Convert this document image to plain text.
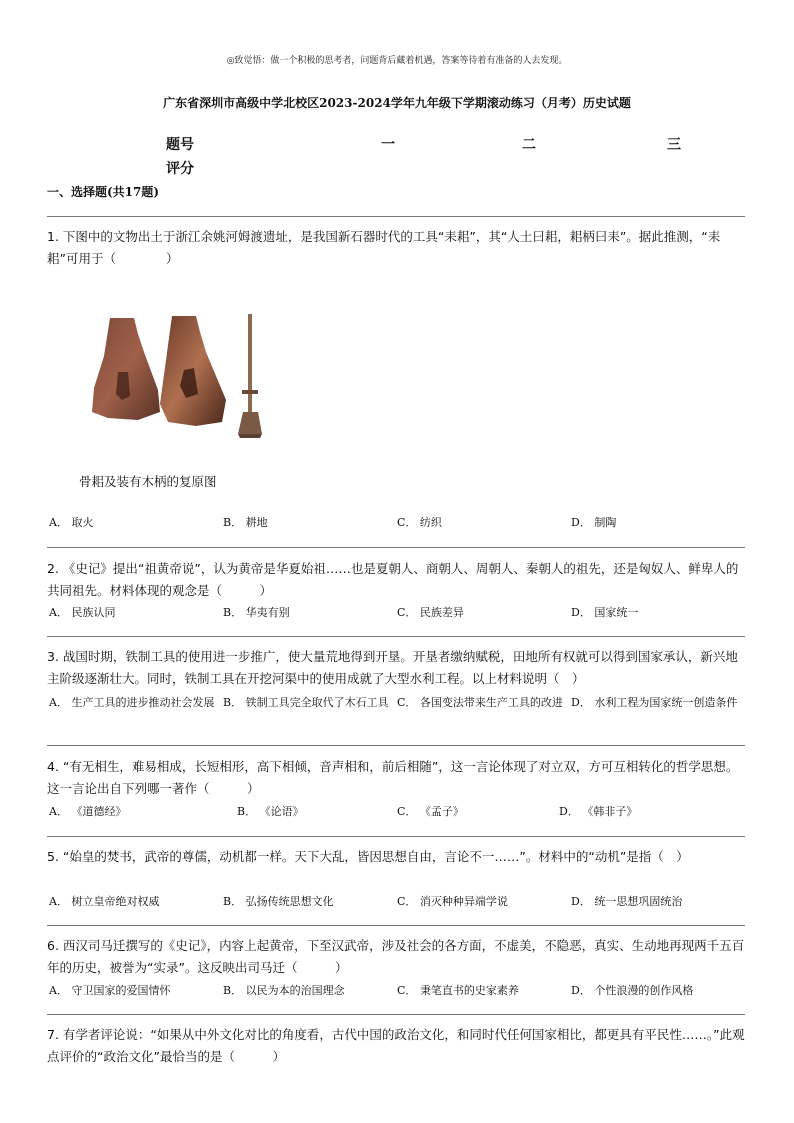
◎致觉悟：做一个积极的思考者，问题背后藏着机遇，答案等待着有准备的人去发现。
广东省深圳市高级中学北校区2023-2024学年九年级下学期滚动练习（月考）历史试题
题号	一	二	三
评分
一、选择题(共17题)
1. 下图中的文物出土于浙江余姚河姆渡遗址，是我国新石器时代的工具“耒耜”，其“人土曰耜，耜柄曰耒”。据此推测，“耒耜”可用于（　　　　）
骨耜及装有木柄的复原图
A． 取火	B． 耕地	C． 纺织	D． 制陶
2. 《史记》提出“祖黄帝说”，认为黄帝是华夏始祖……也是夏朝人、商朝人、周朝人、秦朝人的祖先，还是匈奴人、鲜卑人的共同祖先。材料体现的观念是（　　　）
A． 民族认同	B． 华夷有别	C． 民族差异	D． 国家统一
3. 战国时期，铁制工具的使用进一步推广，使大量荒地得到开垦。开垦者缴纳赋税，田地所有权就可以得到国家承认，新兴地主阶级逐渐壮大。同时，铁制工具在开挖河渠中的使用成就了大型水利工程。以上材料说明（　）
A． 生产工具的进步推动社会发展 B． 铁制工具完全取代了木石工具 C． 各国变法带来生产工具的改进 D． 水利工程为国家统一创造条件
4. “有无相生，难易相成，长短相形，高下相倾，音声相和，前后相随”，这一言论体现了对立双，方可互相转化的哲学思想。这一言论出自下列哪一著作（　　　）
A． 《道德经》	B． 《论语》	C． 《孟子》	D． 《韩非子》
5. “始皇的焚书，武帝的尊儒，动机都一样。天下大乱，皆因思想自由，言论不一……”。材料中的“动机”是指（　）
A． 树立皇帝绝对权威	B． 弘扬传统思想文化	C． 消灭种种异端学说	D． 统一思想巩固统治
6. 西汉司马迁撰写的《史记》，内容上起黄帝，下至汉武帝，涉及社会的各方面，不虚美，不隐恶，真实、生动地再现两千五百年的历史，被誉为“实录”。这反映出司马迁（　　　）
A． 守卫国家的爱国情怀	B． 以民为本的治国理念	C． 秉笔直书的史家素养	D． 个性浪漫的创作风格
7. 有学者评论说：“如果从中外文化对比的角度看，古代中国的政治文化，和同时代任何国家相比，都更具有平民性……。”此观点评价的“政治文化”最恰当的是（　　　）
